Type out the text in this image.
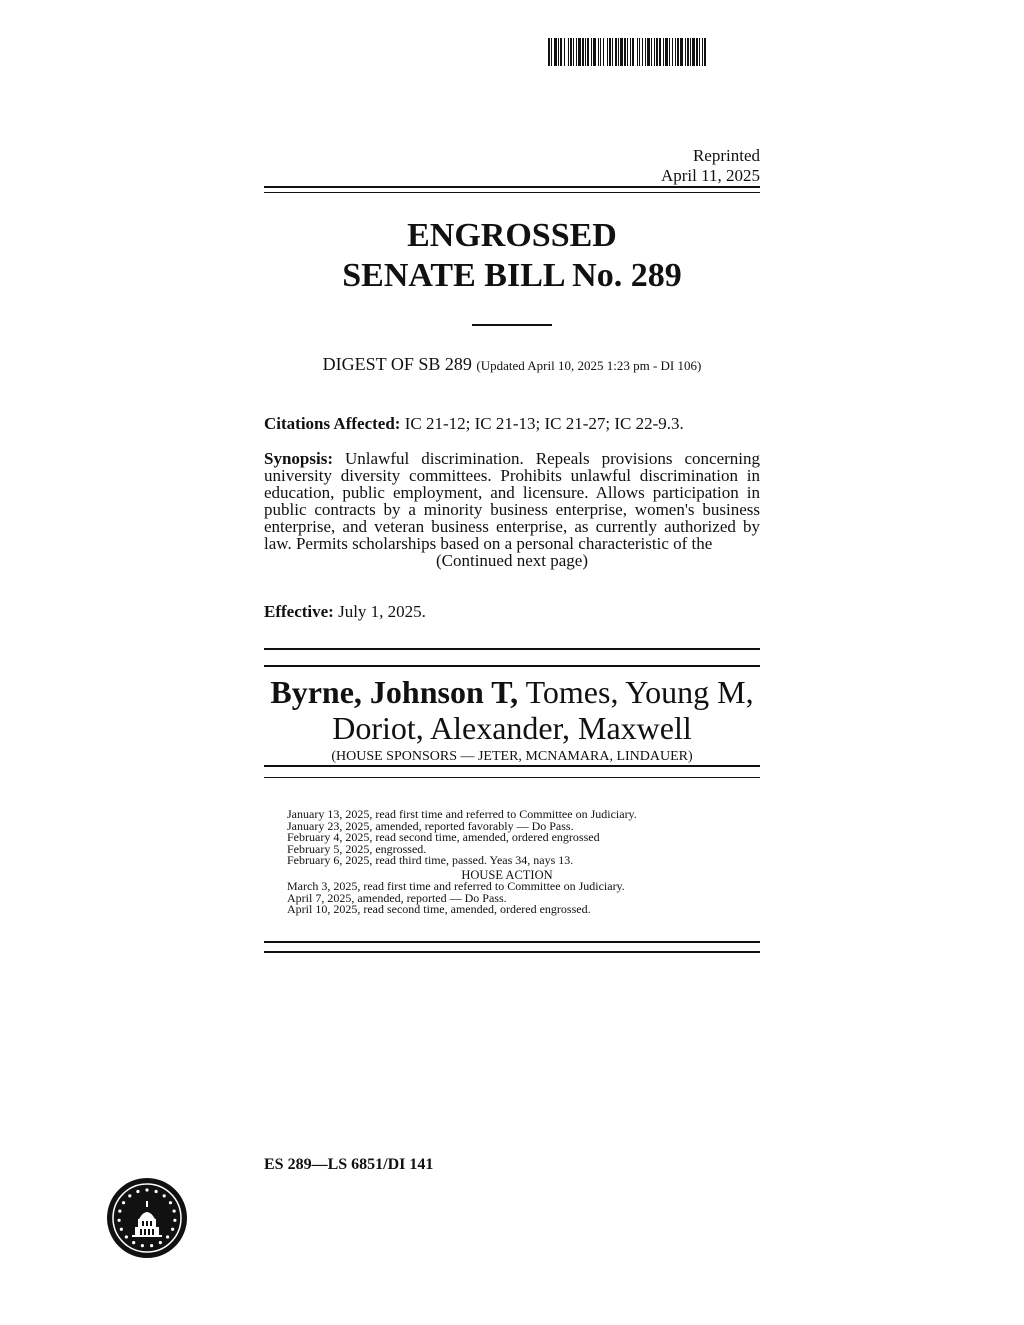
Reprinted
April 11, 2025
ENGROSSED
SENATE BILL No. 289
DIGEST OF SB 289 (Updated April 10, 2025 1:23 pm - DI 106)
Citations Affected: IC 21-12; IC 21-13; IC 21-27; IC 22-9.3.
Synopsis: Unlawful discrimination. Repeals provisions concerning university diversity committees. Prohibits unlawful discrimination in education, public employment, and licensure. Allows participation in public contracts by a minority business enterprise, women's business enterprise, and veteran business enterprise, as currently authorized by law. Permits scholarships based on a personal characteristic of the
(Continued next page)
Effective: July 1, 2025.
Byrne, Johnson T, Tomes, Young M,
Doriot, Alexander, Maxwell
(HOUSE SPONSORS — JETER, MCNAMARA, LINDAUER)
January 13, 2025, read first time and referred to Committee on Judiciary.
January 23, 2025, amended, reported favorably — Do Pass.
February 4, 2025, read second time, amended, ordered engrossed
February 5, 2025, engrossed.
February 6, 2025, read third time, passed. Yeas 34, nays 13.
HOUSE ACTION
March 3, 2025, read first time and referred to Committee on Judiciary.
April 7, 2025, amended, reported — Do Pass.
April 10, 2025, read second time, amended, ordered engrossed.
ES 289—LS 6851/DI 141
